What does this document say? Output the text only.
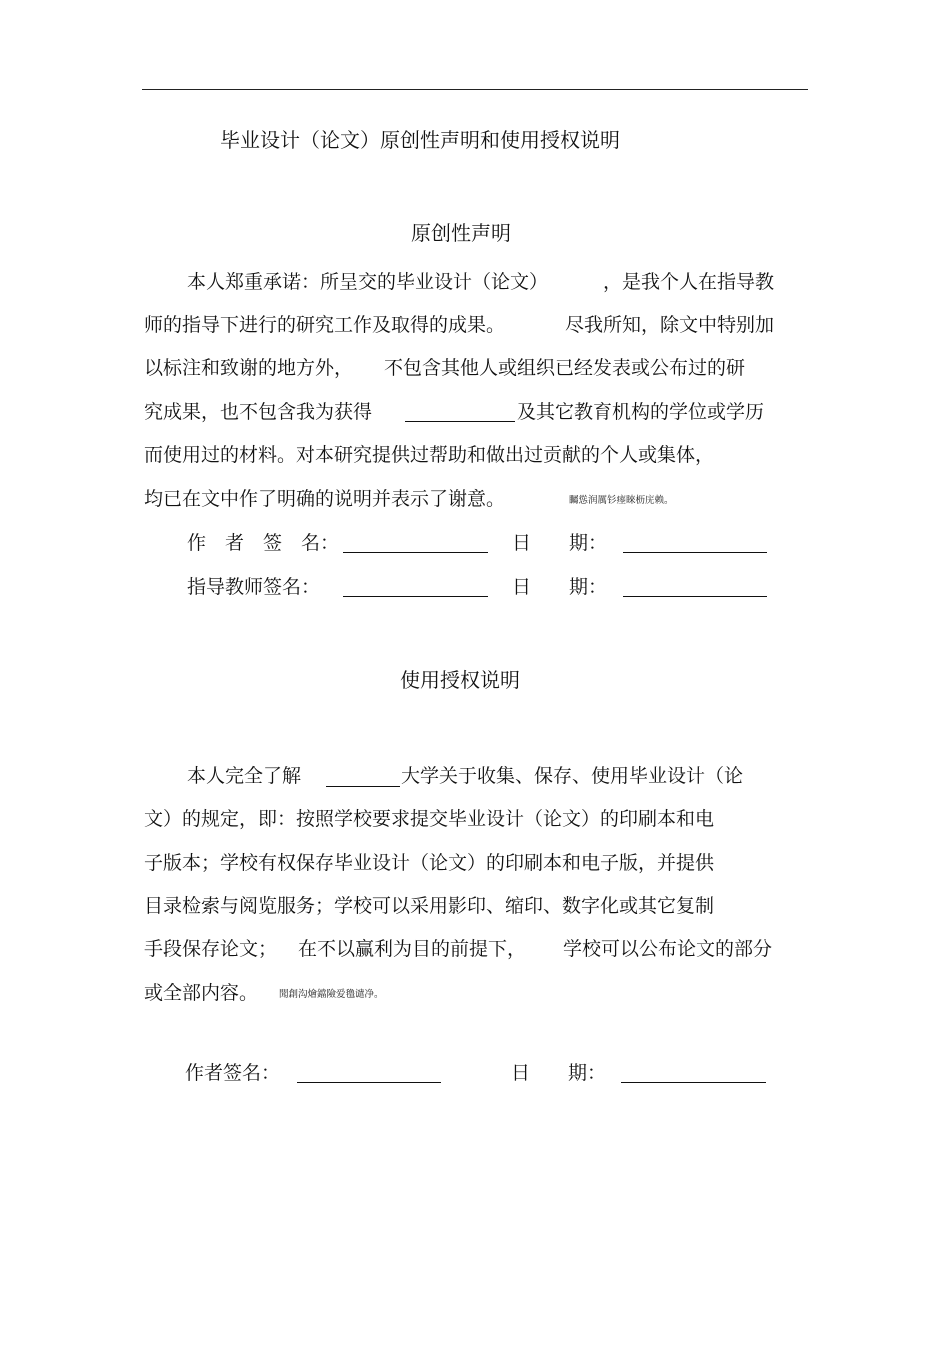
毕业设计（论文）原创性声明和使用授权说明
原创性声明
本人郑重承诺：所呈交的毕业设计（论文）	，是我个人在指导教
师的指导下进行的研究工作及取得的成果。	尽我所知，除文中特别加
以标注和致谢的地方外， 不包含其他人或组织已经发表或公布过的研
究成果，也不包含我为获得	及其它教育机构的学位或学历
而使用过的材料。对本研究提供过帮助和做出过贡献的个人或集体，
均已在文中作了明确的说明并表示了谢意。	矚慫润厲钐瘗睞枥庑赖。
作　者　签　名：	日　　期：
指导教师签名：	日　　期：
使用授权说明
本人完全了解	大学关于收集、保存、使用毕业设计（论
文）的规定，即：按照学校要求提交毕业设计（论文）的印刷本和电
子版本；学校有权保存毕业设计（论文）的印刷本和电子版，并提供
目录检索与阅览服务；学校可以采用影印、缩印、数字化或其它复制
手段保存论文； 在不以赢利为目的前提下， 学校可以公布论文的部分
或全部内容。 聞創沟燴鐺險爱氇谴净。
作者签名：	日　　期：
